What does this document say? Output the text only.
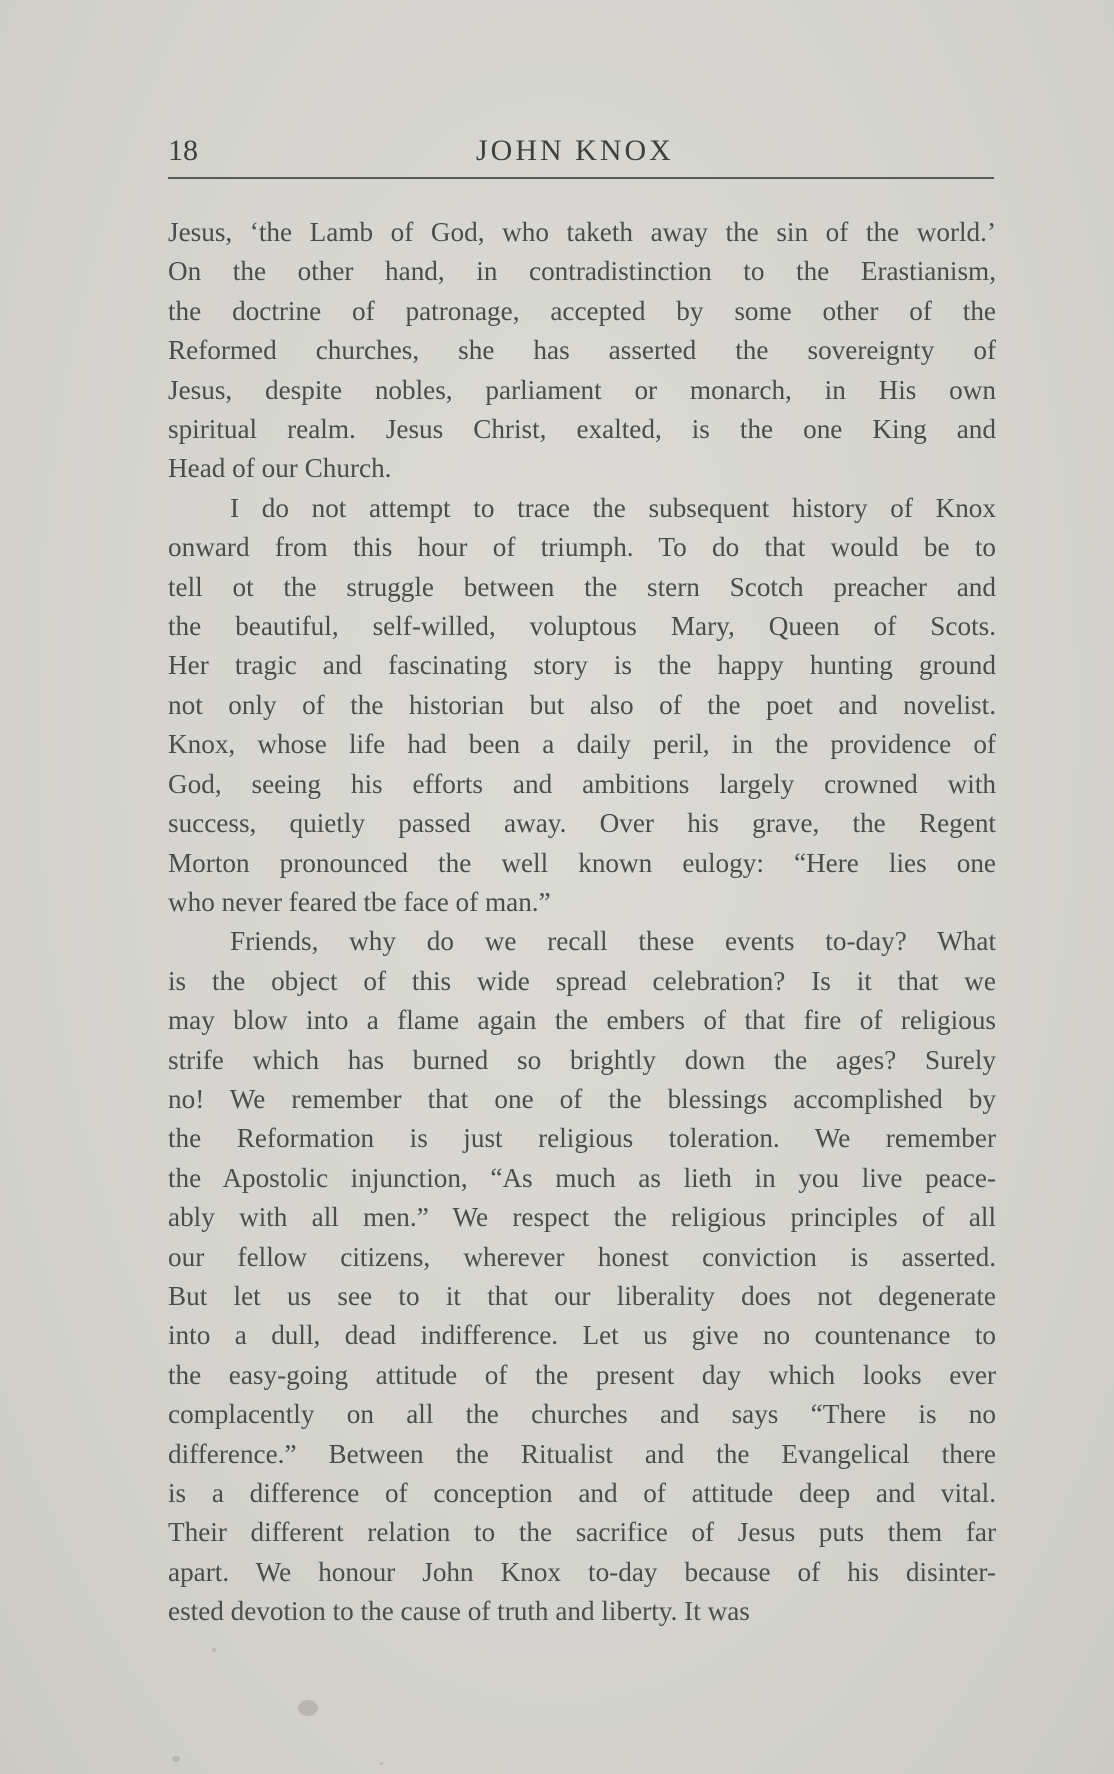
18	JOHN KNOX

Jesus, ‘the Lamb of God, who taketh away the sin of the world.’
On the other hand, in contradistinction to the Erastianism,
the doctrine of patronage, accepted by some other of the
Reformed churches, she has asserted the sovereignty of
Jesus, despite nobles, parliament or monarch, in His own
spiritual realm. Jesus Christ, exalted, is the one King and
Head of our Church.

I do not attempt to trace the subsequent history of Knox
onward from this hour of triumph. To do that would be to
tell ot the struggle between the stern Scotch preacher and
the beautiful, self-willed, voluptous Mary, Queen of Scots.
Her tragic and fascinating story is the happy hunting ground
not only of the historian but also of the poet and novelist.
Knox, whose life had been a daily peril, in the providence of
God, seeing his efforts and ambitions largely crowned with
success, quietly passed away. Over his grave, the Regent
Morton pronounced the well known eulogy: “Here lies one
who never feared tbe face of man.”

Friends, why do we recall these events to-day? What
is the object of this wide spread celebration? Is it that we
may blow into a flame again the embers of that fire of religious
strife which has burned so brightly down the ages? Surely
no! We remember that one of the blessings accomplished by
the Reformation is just religious toleration. We remember
the Apostolic injunction, “As much as lieth in you live peace-
ably with all men.” We respect the religious principles of all
our fellow citizens, wherever honest conviction is asserted.
But let us see to it that our liberality does not degenerate
into a dull, dead indifference. Let us give no countenance to
the easy-going attitude of the present day which looks ever
complacently on all the churches and says “There is no
difference.” Between the Ritualist and the Evangelical there
is a difference of conception and of attitude deep and vital.
Their different relation to the sacrifice of Jesus puts them far
apart. We honour John Knox to-day because of his disinter-
ested devotion to the cause of truth and liberty. It was
